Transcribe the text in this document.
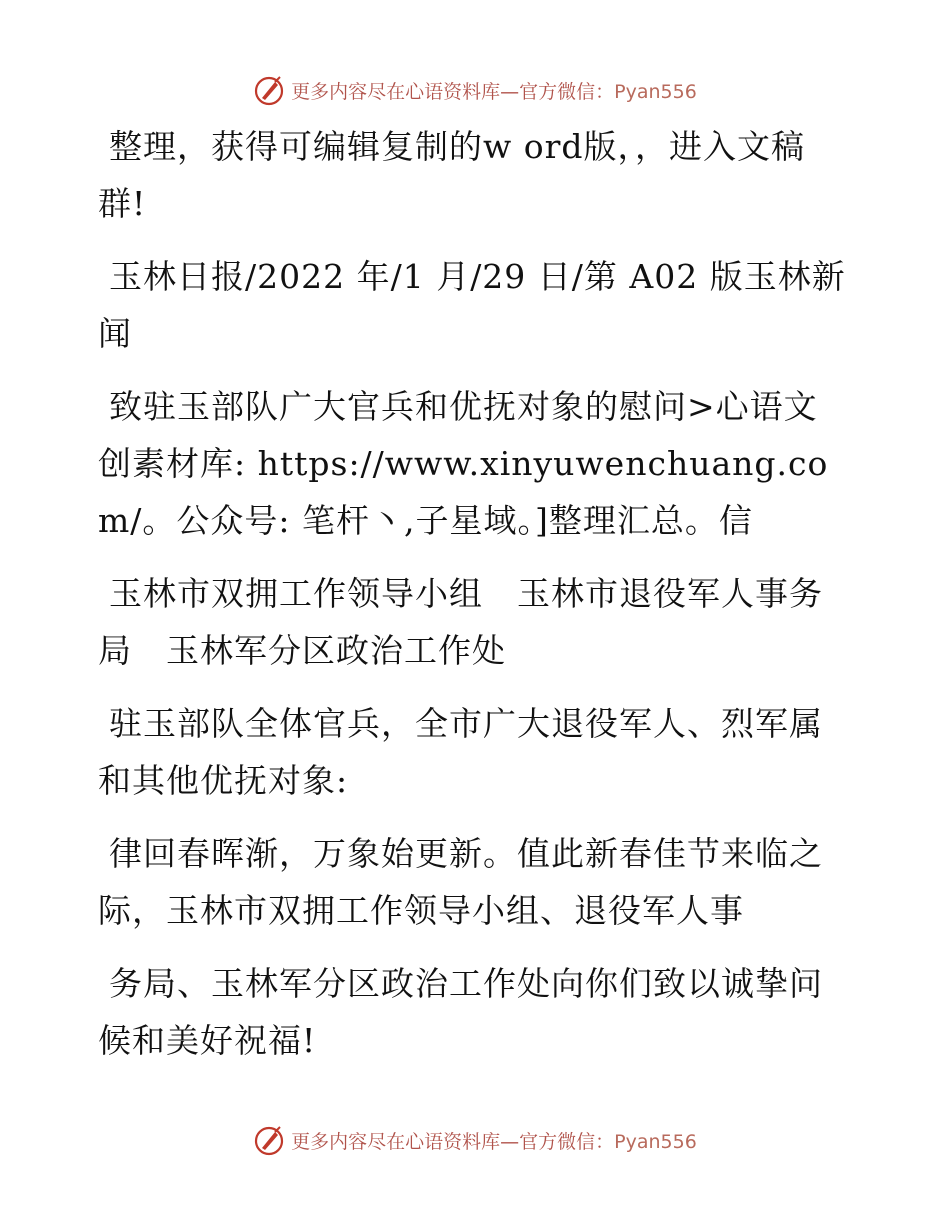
更多内容尽在心语资料库—官方微信：Pyan556

整理，获得可编辑复制的w ord版，，进入文稿群!

玉林日报/2022 年/1 月/29 日/第 A02 版玉林新闻

致驻玉部队广大官兵和优抚对象的慰问>心语文创素材库: https://www.xinyuwenchuang.com/。公众号: 笔杆丶,子星域。]整理汇总。信

玉林市双拥工作领导小组　玉林市退役军人事务局　玉林军分区政治工作处

驻玉部队全体官兵，全市广大退役军人、烈军属和其他优抚对象:

律回春晖渐，万象始更新。值此新春佳节来临之际，玉林市双拥工作领导小组、退役军人事

务局、玉林军分区政治工作处向你们致以诚挚问候和美好祝福!

更多内容尽在心语资料库—官方微信：Pyan556
